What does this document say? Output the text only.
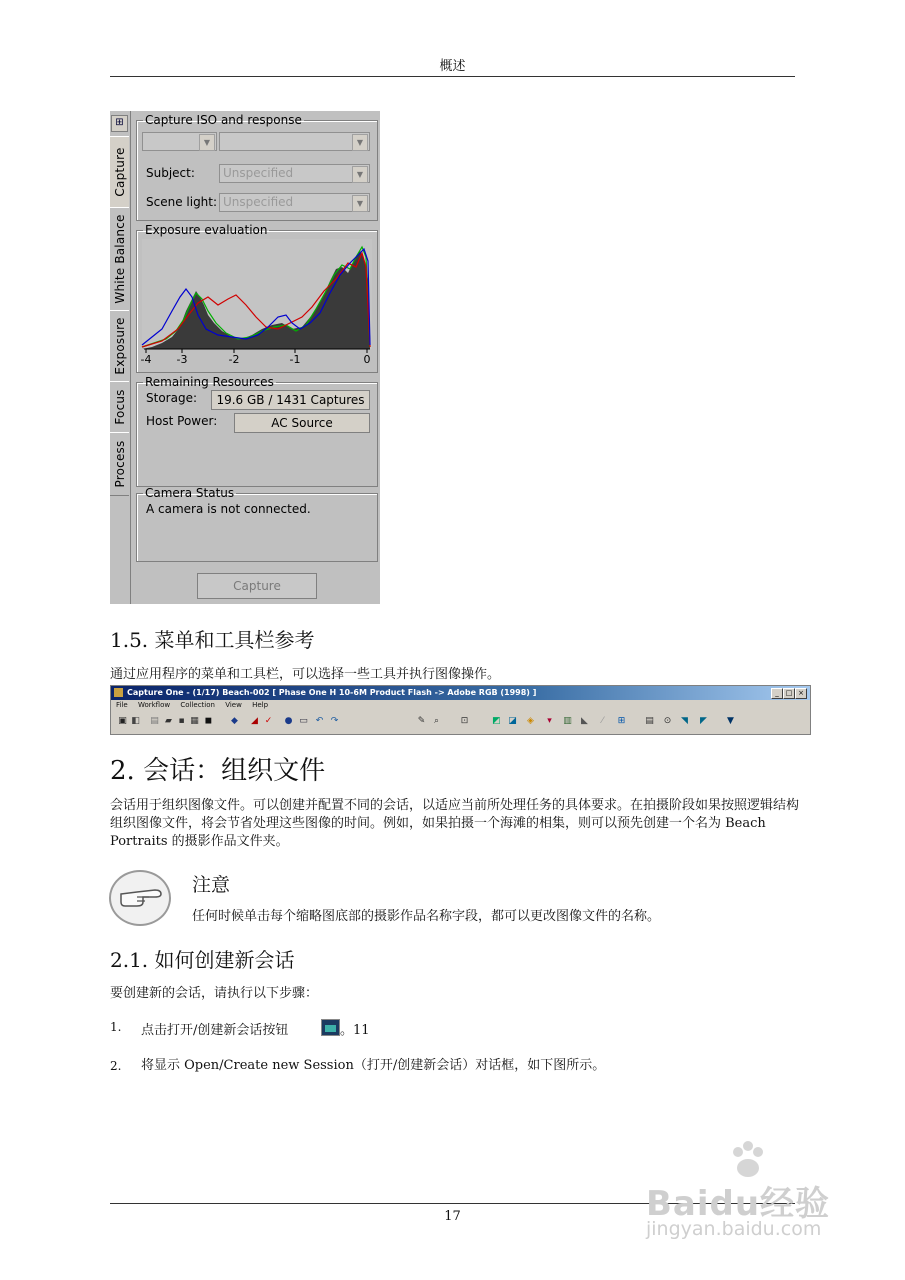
概述
⊞
Capture
White Balance
Exposure
Focus
Process
Capture ISO and response
▼	▼
Subject: Unspecified	▼
Scene light: Unspecified	▼
Exposure evaluation
-4 -3	-2	-1	0
Remaining Resources
Storage:	19.6 GB / 1431 Captures
Host Power:	AC Source
Camera Status
A camera is not connected.
Capture
1.5. 菜单和工具栏参考
通过应用程序的菜单和工具栏，可以选择一些工具并执行图像操作。
Capture One - (1/17) Beach-002 [ Phase One H 10-6M Product Flash -> Adobe RGB (1998) ]	_ □ ×
File Workflow Collection View Help
▣ ◧ ▤ ▰ ▪ ▦ ◼ ◆ ◢ ✓ ● ▭ ↶ ↷	✎ ⌕	⊡	◩ ◪ ◈	▾	▥ ◣	⁄	⊞ ▤ ⊙ ◥ ◤ ▼
2. 会话：组织文件
会话用于组织图像文件。可以创建并配置不同的会话，以适应当前所处理任务的具体要求。在拍摄阶段如果按照逻辑结构组织图像文件，将会节省处理这些图像的时间。例如，如果拍摄一个海滩的相集，则可以预先创建一个名为 Beach Portraits 的摄影作品文件夹。
注意
任何时候单击每个缩略图底部的摄影作品名称字段，都可以更改图像文件的名称。
2.1. 如何创建新会话
要创建新的会话，请执行以下步骤：
1. 点击打开/创建新会话按钮	。11
2. 将显示 Open/Create new Session（打开/创建新会话）对话框，如下图所示。
17	Baidu经验
jingyan.baidu.com
